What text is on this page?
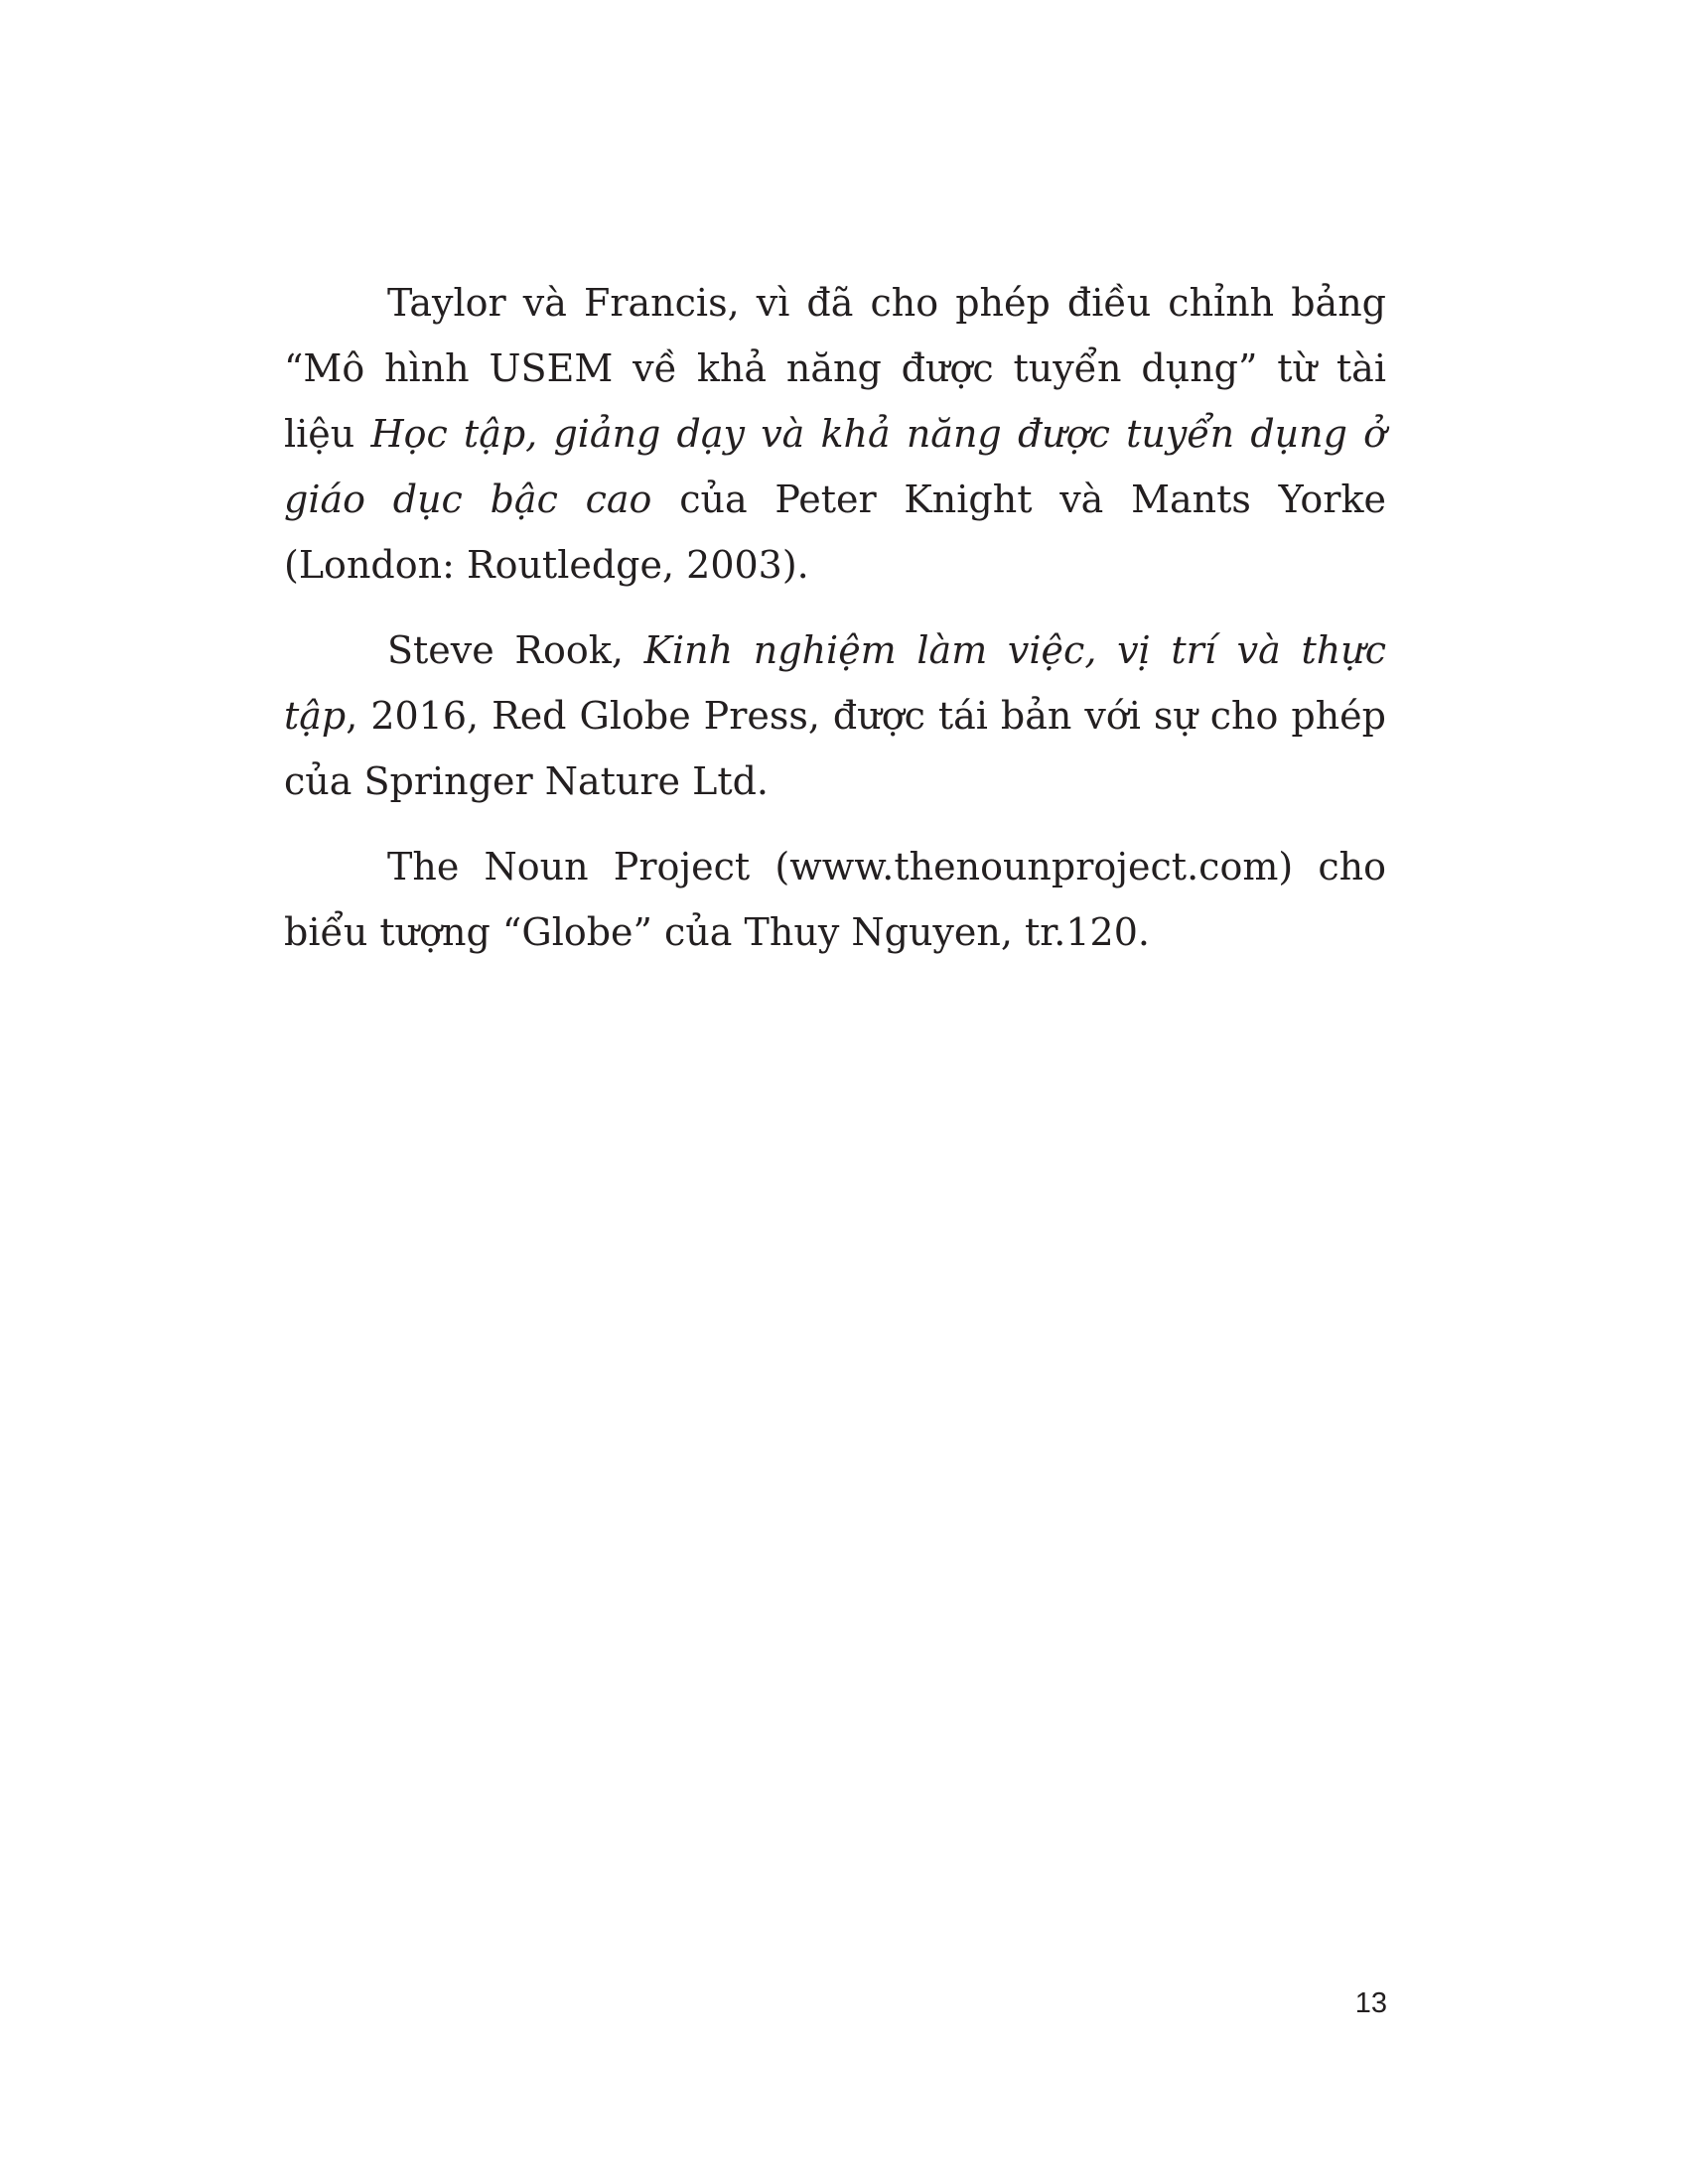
Taylor và Francis, vì đã cho phép điều chỉnh bảng “Mô hình USEM về khả năng được tuyển dụng” từ tài liệu Học tập, giảng dạy và khả năng được tuyển dụng ở giáo dục bậc cao của Peter Knight và Mants Yorke (London: Routledge, 2003).

Steve Rook, Kinh nghiệm làm việc, vị trí và thực tập, 2016, Red Globe Press, được tái bản với sự cho phép của Springer Nature Ltd.

The Noun Project (www.thenounproject.com) cho biểu tượng “Globe” của Thuy Nguyen, tr.120.

13
